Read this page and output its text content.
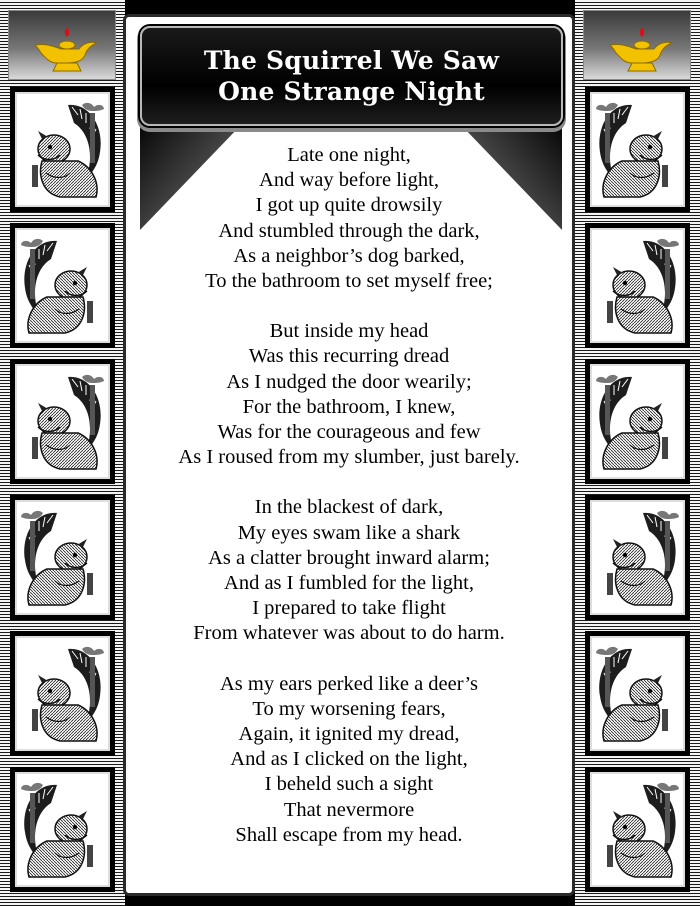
The Squirrel We Saw
One Strange Night
Late one night,
And way before light,
I got up quite drowsily
And stumbled through the dark,
As a neighbor’s dog barked,
To the bathroom to set myself free;
But inside my head
Was this recurring dread
As I nudged the door wearily;
For the bathroom, I knew,
Was for the courageous and few
As I roused from my slumber, just barely.
In the blackest of dark,
My eyes swam like a shark
As a clatter brought inward alarm;
And as I fumbled for the light,
I prepared to take flight
From whatever was about to do harm.
As my ears perked like a deer’s
To my worsening fears,
Again, it ignited my dread,
And as I clicked on the light,
I beheld such a sight
That nevermore
Shall escape from my head.
